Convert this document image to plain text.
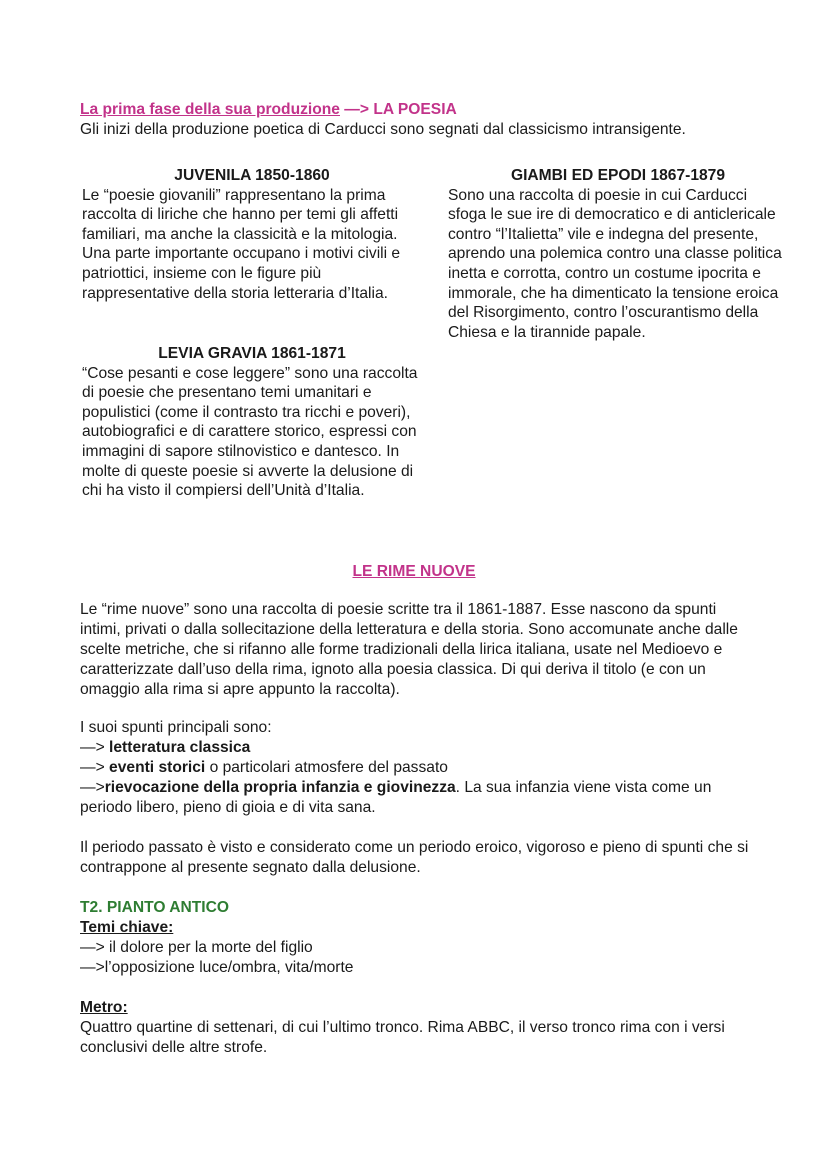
La prima fase della sua produzione —> LA POESIA
Gli inizi della produzione poetica di Carducci sono segnati dal classicismo intransigente.
JUVENILA 1850-1860
Le “poesie giovanili” rappresentano la prima raccolta di liriche che hanno per temi gli affetti familiari, ma anche la classicità e la mitologia. Una parte importante occupano i motivi civili e patriottici, insieme con le figure più rappresentative della storia letteraria d’Italia.
LEVIA GRAVIA 1861-1871
“Cose pesanti e cose leggere” sono una raccolta di poesie che presentano temi umanitari e populistici (come il contrasto tra ricchi e poveri), autobiografici e di carattere storico, espressi con immagini di sapore stilnovistico e dantesco. In molte di queste poesie si avverte la delusione di chi ha visto il compiersi dell’Unità d’Italia.
GIAMBI ED EPODI 1867-1879
Sono una raccolta di poesie in cui Carducci sfoga le sue ire di democratico e di anticlericale contro “l’Italietta” vile e indegna del presente, aprendo una polemica contro una classe politica inetta e corrotta, contro un costume ipocrita e immorale, che ha dimenticato la tensione eroica del Risorgimento, contro l’oscurantismo della Chiesa e la tirannide papale.
LE RIME NUOVE
Le “rime nuove” sono una raccolta di poesie scritte tra il 1861-1887. Esse nascono da spunti intimi, privati o dalla sollecitazione della letteratura e della storia. Sono accomunate anche dalle scelte metriche, che si rifanno alle forme tradizionali della lirica italiana, usate nel Medioevo e caratterizzate dall’uso della rima, ignoto alla poesia classica. Di qui deriva il titolo (e con un omaggio alla rima si apre appunto la raccolta).
I suoi spunti principali sono:
—> letteratura classica
—> eventi storici o particolari atmosfere del passato
—>rievocazione della propria infanzia e giovinezza. La sua infanzia viene vista come un periodo libero, pieno di gioia e di vita sana.
Il periodo passato è visto e considerato come un periodo eroico, vigoroso e pieno di spunti che si contrappone al presente segnato dalla delusione.
T2. PIANTO ANTICO
Temi chiave:
—> il dolore per la morte del figlio
—>l’opposizione luce/ombra, vita/morte
Metro:
Quattro quartine di settenari, di cui l’ultimo tronco. Rima ABBC, il verso tronco rima con i versi conclusivi delle altre strofe.
